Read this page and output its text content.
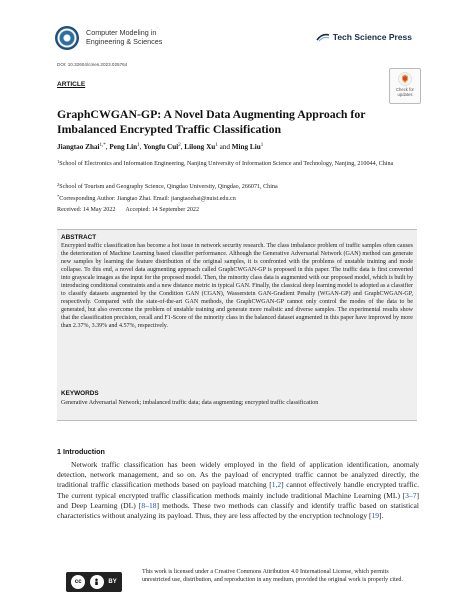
Computer Modeling in
Engineering & Sciences	Tech Science Press
DOI: 10.32604/cmes.2023.025764
ARTICLE
Check for
updates
GraphCWGAN-GP: A Novel Data Augmenting Approach for Imbalanced Encrypted Traffic Classification
Jiangtao Zhai$^{1,*}$, Peng Lin$^1$, Yongfu Cui$^2$, Lilong Xu$^1$ and Ming Liu$^1$
$^1$School of Electronics and Information Engineering, Nanjing University of Information Science and Technology, Nanjing, 210044, China
$^2$School of Tourism and Geography Science, Qingdao University, Qingdao, 266071, China
*Corresponding Author: Jiangtao Zhai. Email: jiangtaozhai@nuist.edu.cn
Received: 14 May 2022 Accepted: 14 September 2022
ABSTRACT
Encrypted traffic classification has become a hot issue in network security research. The class imbalance problem of traffic samples often causes the deterioration of Machine Learning based classifier performance. Although the Generative Adversarial Network (GAN) method can generate new samples by learning the feature distribution of the original samples, it is confronted with the problems of unstable training and mode collapse. To this end, a novel data augmenting approach called GraphCWGAN-GP is proposed in this paper. The traffic data is first converted into grayscale images as the input for the proposed model. Then, the minority class data is augmented with our proposed model, which is built by introducing conditional constraints and a new distance metric in typical GAN. Finally, the classical deep learning model is adopted as a classifier to classify datasets augmented by the Condition GAN (CGAN), Wasserstein GAN-Gradient Penalty (WGAN-GP) and GraphCWGAN-GP, respectively. Compared with the state-of-the-art GAN methods, the GraphCWGAN-GP cannot only control the modes of the data to be generated, but also overcome the problem of unstable training and generate more realistic and diverse samples. The experimental results show that the classification precision, recall and F1-Score of the minority class in the balanced dataset augmented in this paper have improved by more than 2.37%, 3.39% and 4.57%, respectively.
KEYWORDS
Generative Adversarial Network; imbalanced traffic data; data augmenting; encrypted traffic classification
1 Introduction
Network traffic classification has been widely employed in the field of application identification, anomaly detection, network management, and so on. As the payload of encrypted traffic cannot be analyzed directly, the traditional traffic classification methods based on payload matching [1,2] cannot effectively handle encrypted traffic. The current typical encrypted traffic classification methods mainly include traditional Machine Learning (ML) [3–7] and Deep Learning (DL) [8–18] methods. These two methods can classify and identify traffic based on statistical characteristics without analyzing its payload. Thus, they are less affected by the encryption technology [19].
cc	BY
This work is licensed under a Creative Commons Attribution 4.0 International License, which permits unrestricted use, distribution, and reproduction in any medium, provided the original work is properly cited.
